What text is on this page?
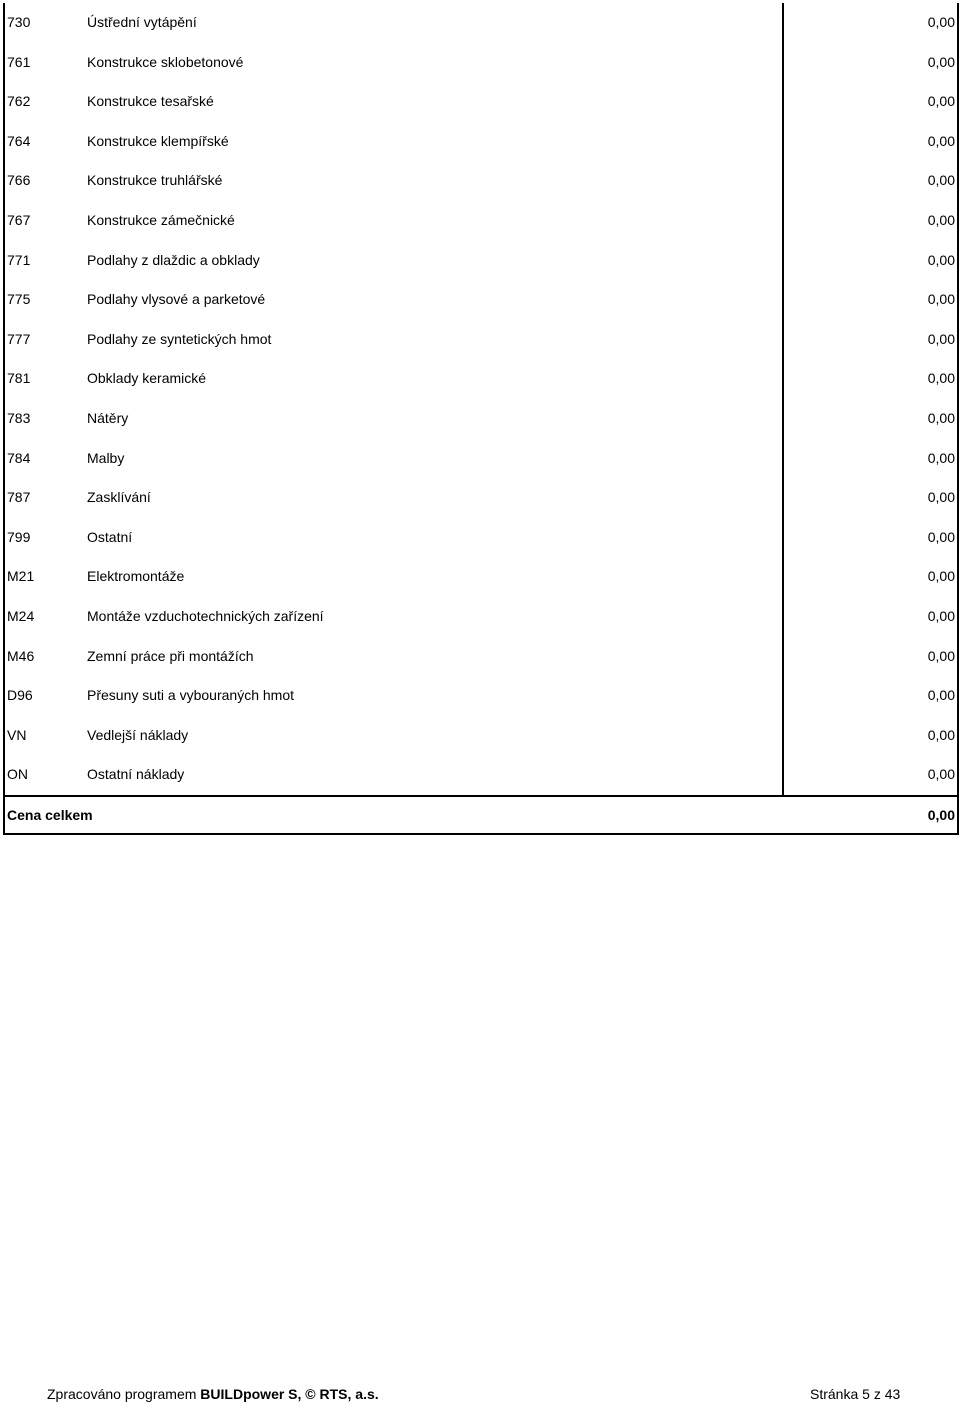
730	Ústřední vytápění	0,00
761	Konstrukce sklobetonové	0,00
762	Konstrukce tesařské	0,00
764	Konstrukce klempířské	0,00
766	Konstrukce truhlářské	0,00
767	Konstrukce zámečnické	0,00
771	Podlahy z dlaždic a obklady	0,00
775	Podlahy vlysové a parketové	0,00
777	Podlahy ze syntetických hmot	0,00
781	Obklady keramické	0,00
783	Nátěry	0,00
784	Malby	0,00
787	Zasklívání	0,00
799	Ostatní	0,00
M21	Elektromontáže	0,00
M24	Montáže vzduchotechnických zařízení	0,00
M46	Zemní práce při montážích	0,00
D96	Přesuny suti a vybouraných hmot	0,00
VN	Vedlejší náklady	0,00
ON	Ostatní náklady	0,00
Cena celkem	0,00
Zpracováno programem BUILDpower S, © RTS, a.s.	Stránka 5 z 43
